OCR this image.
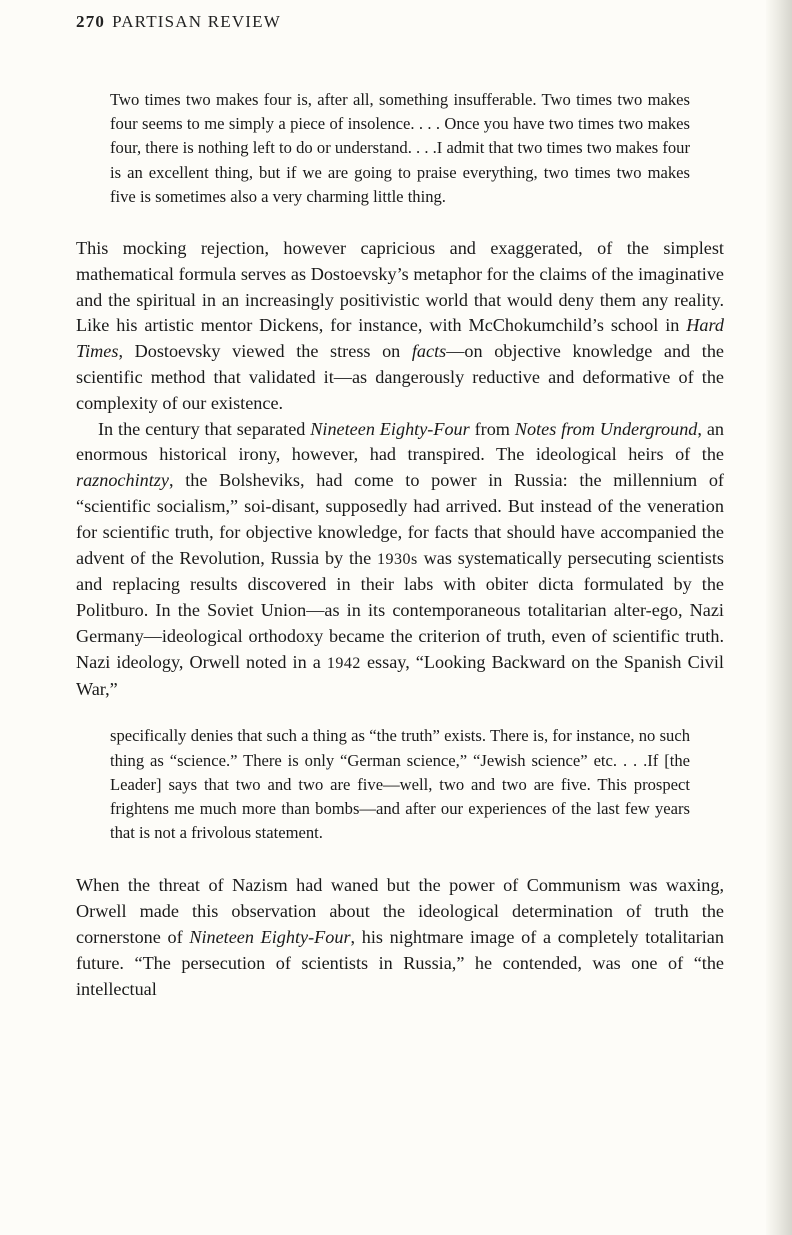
270 PARTISAN REVIEW
Two times two makes four is, after all, something insufferable. Two times two makes four seems to me simply a piece of insolence. . . . Once you have two times two makes four, there is nothing left to do or understand. . . .I admit that two times two makes four is an excellent thing, but if we are going to praise everything, two times two makes five is sometimes also a very charming little thing.

This mocking rejection, however capricious and exaggerated, of the simplest mathematical formula serves as Dostoevsky’s metaphor for the claims of the imaginative and the spiritual in an increasingly positivistic world that would deny them any reality. Like his artistic mentor Dickens, for instance, with McChokumchild’s school in Hard Times, Dostoevsky viewed the stress on facts—on objective knowledge and the scientific method that validated it—as dangerously reductive and deformative of the complexity of our existence.

In the century that separated Nineteen Eighty-Four from Notes from Underground, an enormous historical irony, however, had transpired. The ideological heirs of the raznochintzy, the Bolsheviks, had come to power in Russia: the millennium of “scientific socialism,” soi-disant, supposedly had arrived. But instead of the veneration for scientific truth, for objective knowledge, for facts that should have accompanied the advent of the Revolution, Russia by the 1930s was systematically persecuting scientists and replacing results discovered in their labs with obiter dicta formulated by the Politburo. In the Soviet Union—as in its contemporaneous totalitarian alter-ego, Nazi Germany—ideological orthodoxy became the criterion of truth, even of scientific truth. Nazi ideology, Orwell noted in a 1942 essay, “Looking Backward on the Spanish Civil War,”

specifically denies that such a thing as “the truth” exists. There is, for instance, no such thing as “science.” There is only “German science,” “Jewish science” etc. . . .If [the Leader] says that two and two are five—well, two and two are five. This prospect frightens me much more than bombs—and after our experiences of the last few years that is not a frivolous statement.

When the threat of Nazism had waned but the power of Communism was waxing, Orwell made this observation about the ideological determination of truth the cornerstone of Nineteen Eighty-Four, his nightmare image of a completely totalitarian future. “The persecution of scientists in Russia,” he contended, was one of “the intellectual
